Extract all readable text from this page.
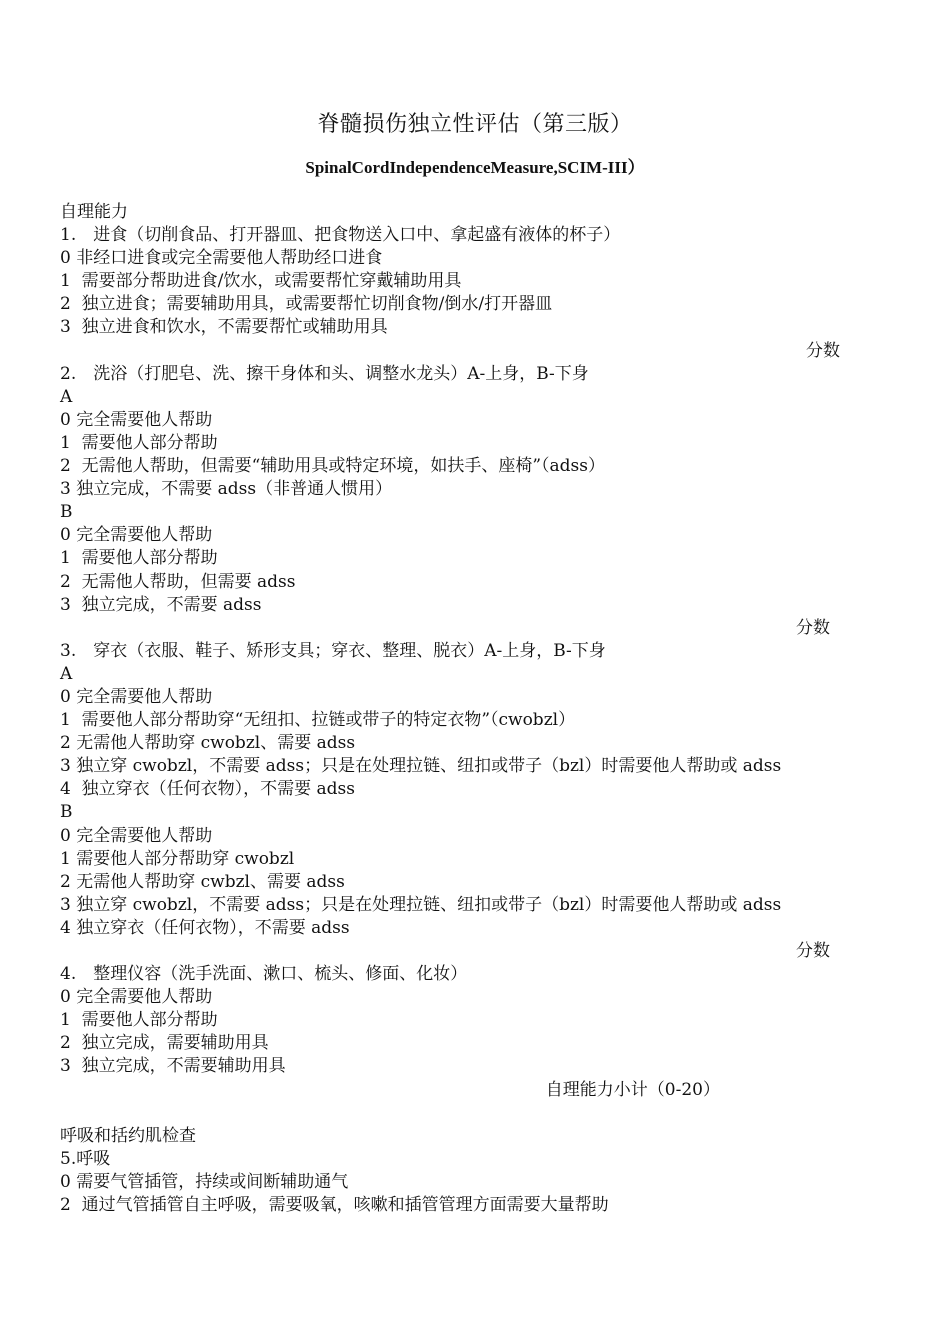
脊髓损伤独立性评估（第三版）
SpinalCordIndependenceMeasure,SCIM-III）
自理能力
1.　进食（切削食品、打开器皿、把食物送入口中、拿起盛有液体的杯子）
0 非经口进食或完全需要他人帮助经口进食
1  需要部分帮助进食/饮水，或需要帮忙穿戴辅助用具
2  独立进食；需要辅助用具，或需要帮忙切削食物/倒水/打开器皿
3  独立进食和饮水，不需要帮忙或辅助用具
分数
2.　洗浴（打肥皂、洗、擦干身体和头、调整水龙头）A-上身，B-下身
A
0 完全需要他人帮助
1  需要他人部分帮助
2  无需他人帮助，但需要“辅助用具或特定环境，如扶手、座椅”（adss）
3 独立完成，不需要 adss（非普通人惯用）
B
0 完全需要他人帮助
1  需要他人部分帮助
2  无需他人帮助，但需要 adss
3  独立完成，不需要 adss
分数
3.　穿衣（衣服、鞋子、矫形支具；穿衣、整理、脱衣）A-上身，B-下身
A
0 完全需要他人帮助
1  需要他人部分帮助穿“无纽扣、拉链或带子的特定衣物”（cwobzl）
2 无需他人帮助穿 cwobzl、需要 adss
3 独立穿 cwobzl，不需要 adss；只是在处理拉链、纽扣或带子（bzl）时需要他人帮助或 adss
4  独立穿衣（任何衣物），不需要 adss
B
0 完全需要他人帮助
1 需要他人部分帮助穿 cwobzl
2 无需他人帮助穿 cwbzl、需要 adss
3 独立穿 cwobzl，不需要 adss；只是在处理拉链、纽扣或带子（bzl）时需要他人帮助或 adss
4 独立穿衣（任何衣物），不需要 adss
分数
4.　整理仪容（洗手洗面、漱口、梳头、修面、化妆）
0 完全需要他人帮助
1  需要他人部分帮助
2  独立完成，需要辅助用具
3  独立完成，不需要辅助用具
自理能力小计（0-20）
呼吸和括约肌检查
5.呼吸
0 需要气管插管，持续或间断辅助通气
2  通过气管插管自主呼吸，需要吸氧，咳嗽和插管管理方面需要大量帮助
